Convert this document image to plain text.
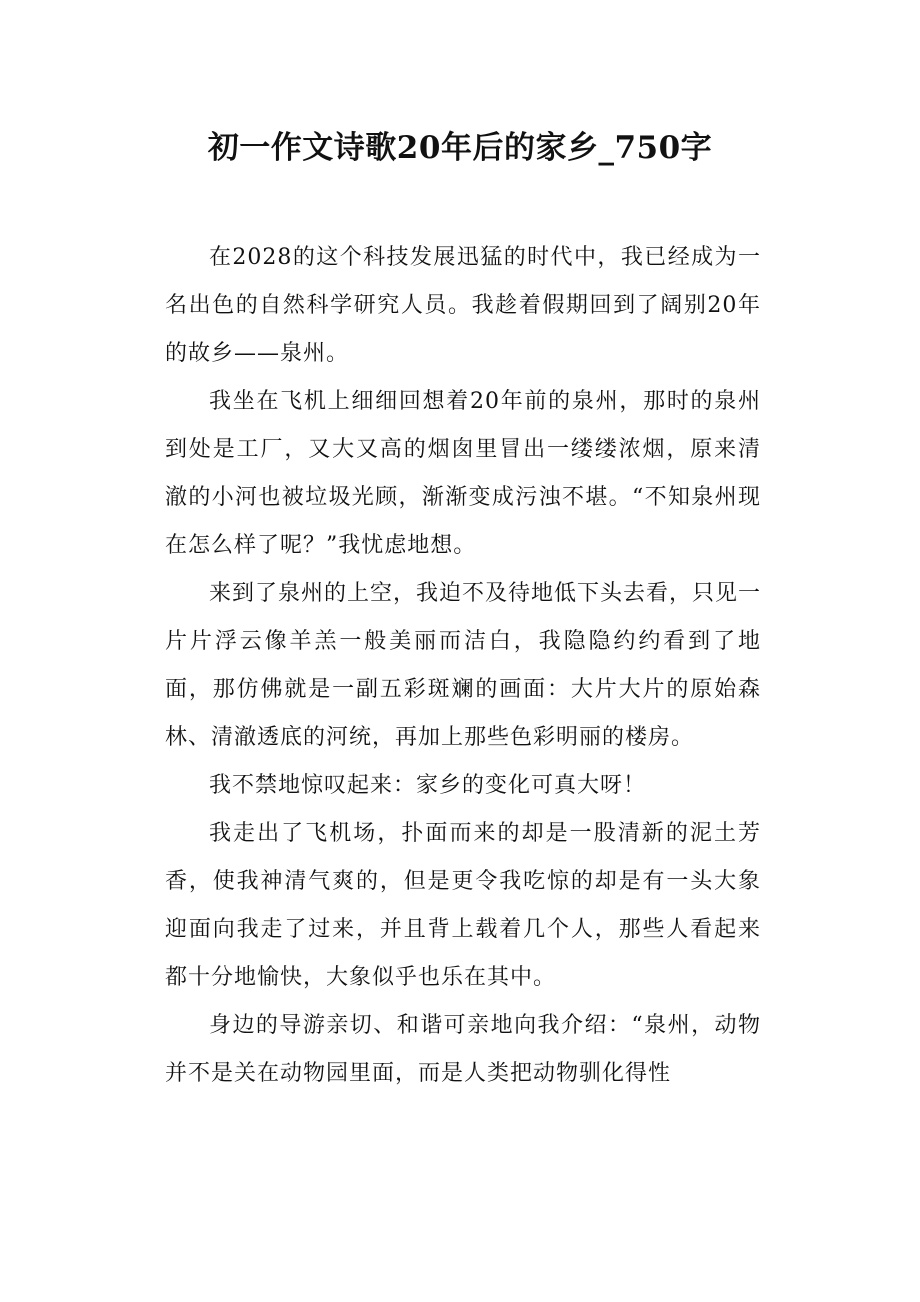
初一作文诗歌20年后的家乡_750字

在2028的这个科技发展迅猛的时代中，我已经成为一名出色的自然科学研究人员。我趁着假期回到了阔别20年的故乡——泉州。

我坐在飞机上细细回想着20年前的泉州，那时的泉州到处是工厂，又大又高的烟囱里冒出一缕缕浓烟，原来清澈的小河也被垃圾光顾，渐渐变成污浊不堪。“不知泉州现在怎么样了呢？”我忧虑地想。

来到了泉州的上空，我迫不及待地低下头去看，只见一片片浮云像羊羔一般美丽而洁白，我隐隐约约看到了地面，那仿佛就是一副五彩斑斓的画面：大片大片的原始森林、清澈透底的河统，再加上那些色彩明丽的楼房。

我不禁地惊叹起来：家乡的变化可真大呀！

我走出了飞机场，扑面而来的却是一股清新的泥土芳香，使我神清气爽的，但是更令我吃惊的却是有一头大象迎面向我走了过来，并且背上载着几个人，那些人看起来都十分地愉快，大象似乎也乐在其中。

身边的导游亲切、和谐可亲地向我介绍：“泉州，动物并不是关在动物园里面，而是人类把动物驯化得性
